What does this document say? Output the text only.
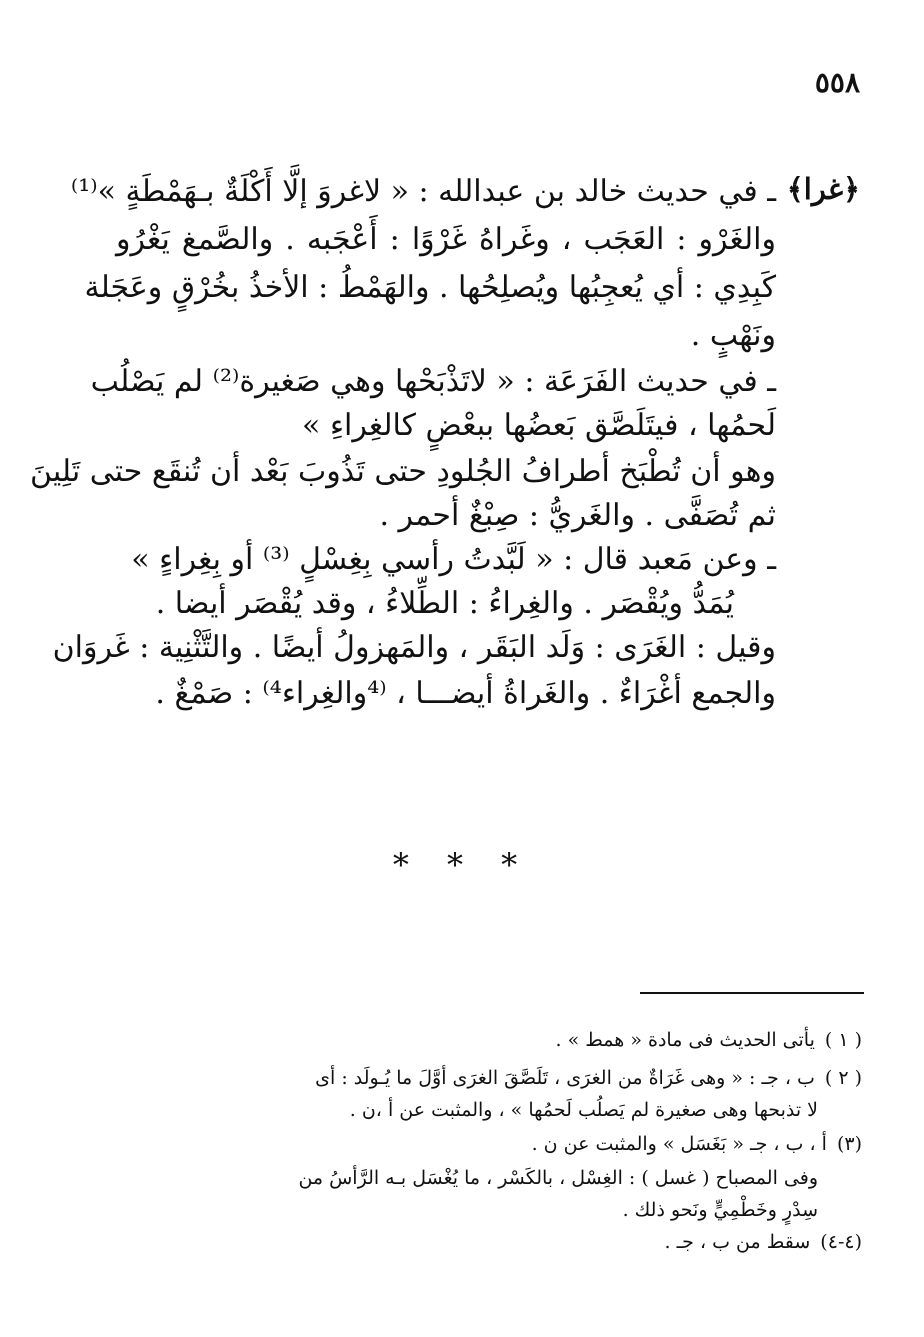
٥٥٨
﴿غرا﴾
ـ في حديث خالد بن عبدالله : « لاغروَ إلَّا أَكْلَةٌ بـهَمْطَةٍ »⁽¹⁾
والغَرْو : العَجَب ، وغَراهُ غَرْوًا : أَعْجَبه . والصَّمغ يَغْرُو
كَبِدِي : أي يُعجِبُها ويُصلِحُها . والهَمْطُ : الأخذُ بخُرْقٍ وعَجَلة
ونَهْبٍ .
ـ في حديث الفَرَعَة : « لاتَذْبَحْها وهي صَغيرة⁽²⁾ لم يَصْلُب
لَحمُها ، فيتَلَصَّق بَعضُها ببعْضٍ كالغِراءِ »
وهو أن تُطْبَخ أطرافُ الجُلودِ حتى تَذُوبَ بَعْد أن تُنقَع حتى تَلِينَ
ثم تُصَفَّى . والغَريُّ : صِبْغٌ أحمر .
ـ وعن مَعبد قال : « لَبَّدتُ رأسي بِغِسْلٍ ⁽³⁾ أو بِغِراءٍ »
يُمَدُّ ويُقْصَر . والغِراءُ : الطِّلاءُ ، وقد يُقْصَر أيضا .
وقيل : الغَرَى : وَلَد البَقَر ، والمَهزولُ أيضًا . والتَّثْنِية : غَروَان
والجمع أغْرَاءٌ . والغَراةُ أيضـــا ، ⁽⁴والغِراء⁴⁾ : صَمْغٌ .
* * *
( ١ )يأتى الحديث فى مادة « همط » .
( ٢ )ب ، جـ : « وهى غَرَاةٌ من الغرَى ، تَلَصَّقَ الغرَى أوَّلَ ما يُـولَد : أى
لا تذبحها وهى صغيرة لم يَصلُب لَحمُها » ، والمثبت عن أ ،ن .
(٣)أ ، ب ، جـ « بَغَسَل » والمثبت عن ن .
وفى المصباح ( غسل ) : الغِسْل ، بالكَسْر ، ما يُغْسَل بـه الرَّأسُ من
سِدْرٍ وخَطْمِيٍّ ونَحو ذلك .
(٤-٤)سقط من ب ، جـ .
